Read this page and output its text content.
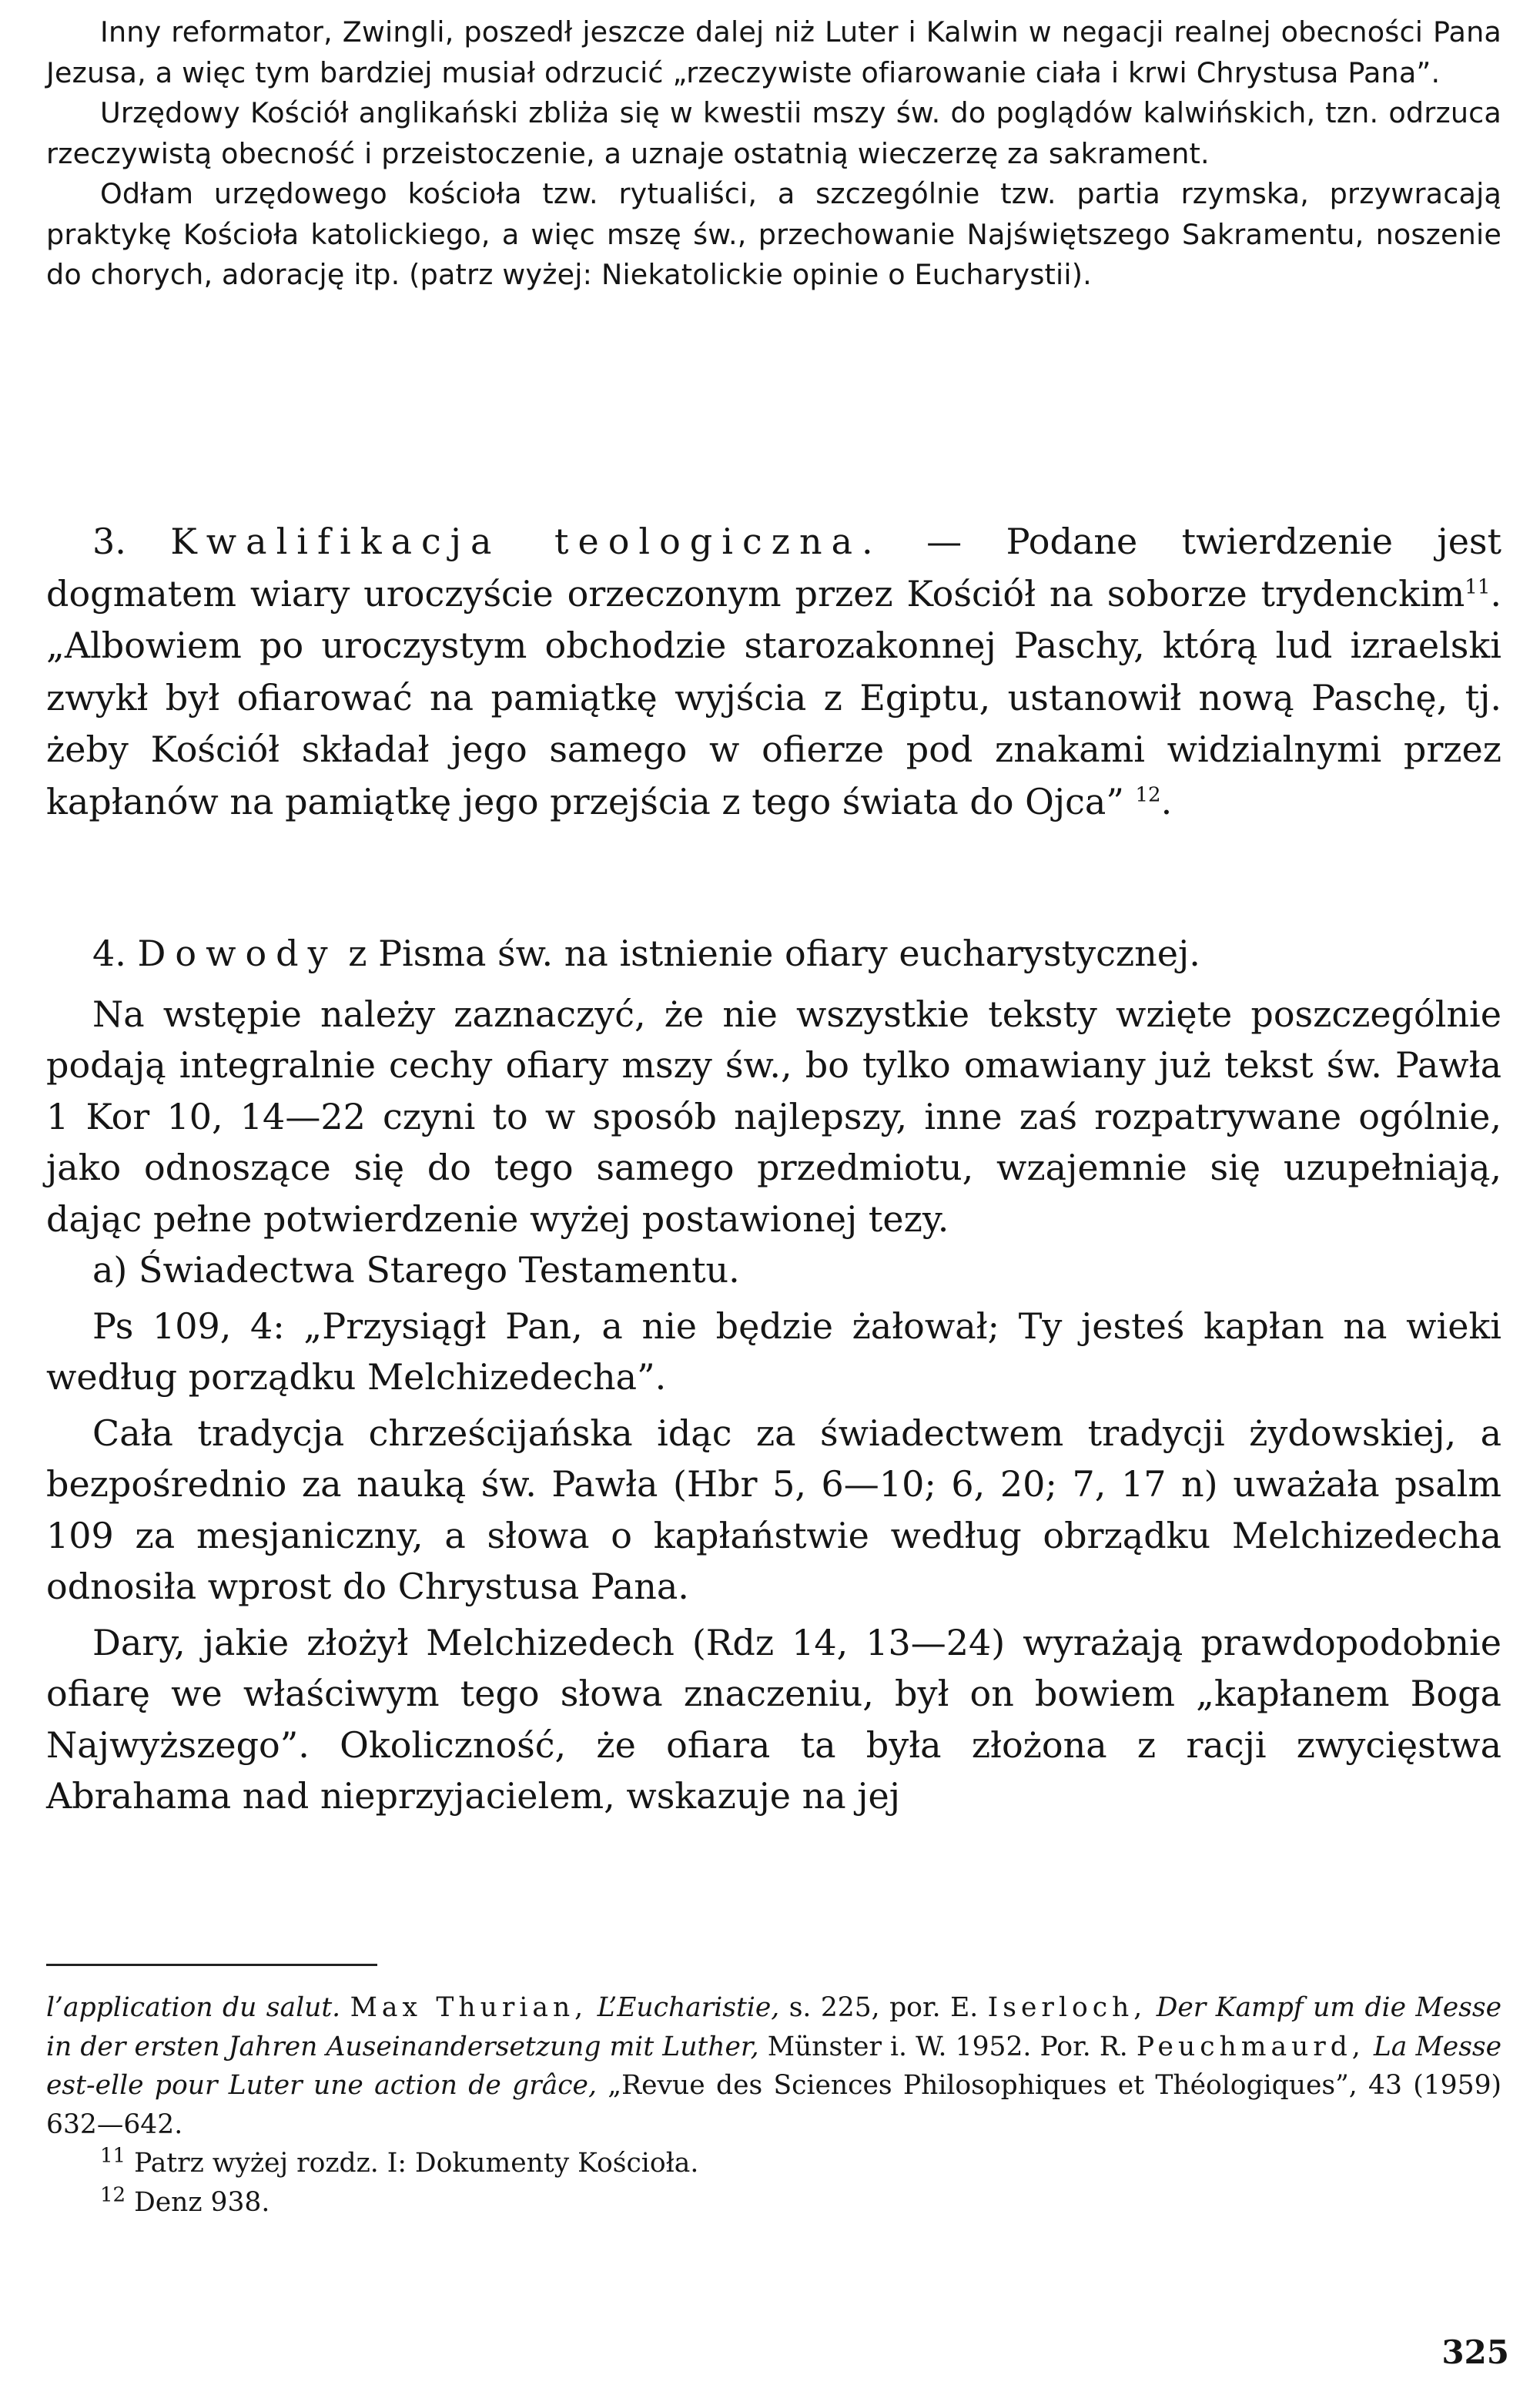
Inny reformator, Zwingli, poszedł jeszcze dalej niż Luter i Kalwin w negacji realnej obecności Pana Jezusa, a więc tym bardziej musiał odrzucić „rzeczywiste ofiarowanie ciała i krwi Chrystusa Pana”.

Urzędowy Kościół anglikański zbliża się w kwestii mszy św. do poglądów kalwińskich, tzn. odrzuca rzeczywistą obecność i przeistoczenie, a uznaje ostatnią wieczerzę za sakrament.

Odłam urzędowego kościoła tzw. rytualiści, a szczególnie tzw. partia rzymska, przywracają praktykę Kościoła katolickiego, a więc mszę św., przechowanie Najświętszego Sakramentu, noszenie do chorych, adorację itp. (patrz wyżej: Niekatolickie opinie o Eucharystii).

3. Kwalifikacja teologiczna. — Podane twierdzenie jest dogmatem wiary uroczyście orzeczonym przez Kościół na soborze trydenckim$^{11}$. „Albowiem po uroczystym obchodzie starozakonnej Paschy, którą lud izraelski zwykł był ofiarować na pamiątkę wyjścia z Egiptu, ustanowił nową Paschę, tj. żeby Kościół składał jego samego w ofierze pod znakami widzialnymi przez kapłanów na pamiątkę jego przejścia z tego świata do Ojca” $^{12}$.

4. Dowody z Pisma św. na istnienie ofiary eucharystycznej.

Na wstępie należy zaznaczyć, że nie wszystkie teksty wzięte poszczególnie podają integralnie cechy ofiary mszy św., bo tylko omawiany już tekst św. Pawła 1 Kor 10, 14—22 czyni to w sposób najlepszy, inne zaś rozpatrywane ogólnie, jako odnoszące się do tego samego przedmiotu, wzajemnie się uzupełniają, dając pełne potwierdzenie wyżej postawionej tezy.

a) Świadectwa Starego Testamentu.

Ps 109, 4: „Przysiągł Pan, a nie będzie żałował; Ty jesteś kapłan na wieki według porządku Melchizedecha”.

Cała tradycja chrześcijańska idąc za świadectwem tradycji żydowskiej, a bezpośrednio za nauką św. Pawła (Hbr 5, 6—10; 6, 20; 7, 17 n) uważała psalm 109 za mesjaniczny, a słowa o kapłaństwie według obrządku Melchizedecha odnosiła wprost do Chrystusa Pana.

Dary, jakie złożył Melchizedech (Rdz 14, 13—24) wyrażają prawdopodobnie ofiarę we właściwym tego słowa znaczeniu, był on bowiem „kapłanem Boga Najwyższego”. Okoliczność, że ofiara ta była złożona z racji zwycięstwa Abrahama nad nieprzyjacielem, wskazuje na jej

l’application du salut. Max Thurian, L’Eucharistie, s. 225, por. E. Iserloch, Der Kampf um die Messe in der ersten Jahren Auseinandersetzung mit Luther, Münster i. W. 1952. Por. R. Peuchmaurd, La Messe est-elle pour Luter une action de grâce, „Revue des Sciences Philosophiques et Théologiques”, 43 (1959) 632—642.

$^{11}$ Patrz wyżej rozdz. I: Dokumenty Kościoła.

$^{12}$ Denz 938.

325
